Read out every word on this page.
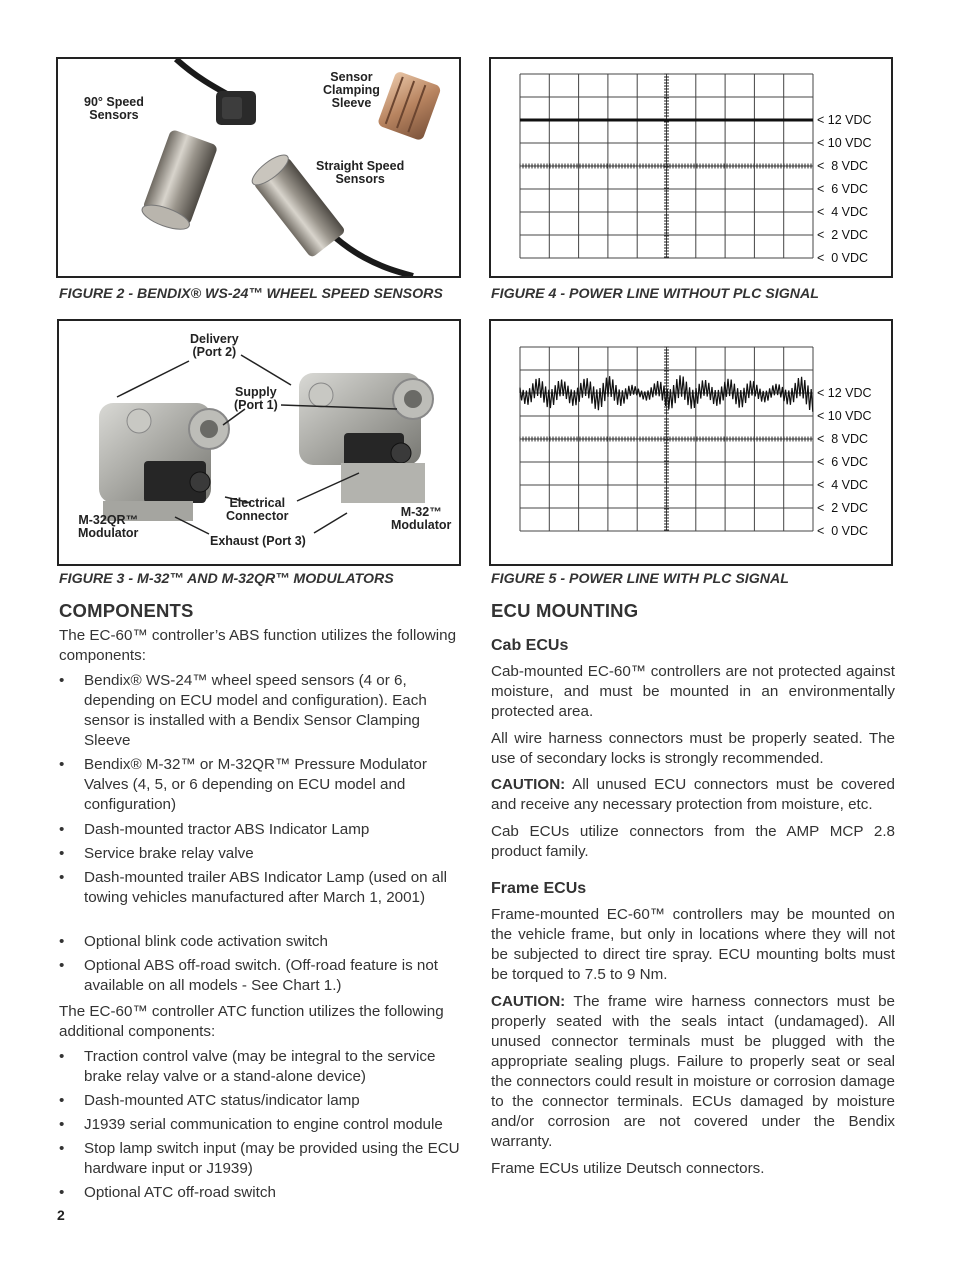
90° Speed
Sensors
Sensor
Clamping
Sleeve
Straight Speed
Sensors
FIGURE 2 - BENDIX® WS-24™ WHEEL SPEED SENSORS
< 12 VDC
< 10 VDC
<  8 VDC
<  6 VDC
<  4 VDC
<  2 VDC
<  0 VDC
FIGURE 4 - POWER LINE WITHOUT PLC SIGNAL
Delivery
(Port 2)
Supply
(Port 1)
Electrical
Connector
M-32QR™
Modulator
M-32™
Modulator
Exhaust (Port 3)
FIGURE 3 - M-32™ AND M-32QR™ MODULATORS
< 12 VDC
< 10 VDC
<  8 VDC
<  6 VDC
<  4 VDC
<  2 VDC
<  0 VDC
FIGURE 5 - POWER LINE WITH PLC SIGNAL
COMPONENTS
The EC-60™ controller’s ABS function utilizes the following components:
• Bendix® WS-24™ wheel speed sensors (4 or 6, depending on ECU model and configuration). Each sensor is installed with a Bendix Sensor Clamping Sleeve
• Bendix® M-32™ or M-32QR™ Pressure Modulator Valves (4, 5, or 6 depending on ECU model and configuration)
• Dash-mounted tractor ABS Indicator Lamp
• Service brake relay valve
• Dash-mounted trailer ABS Indicator Lamp (used on all towing vehicles manufactured after March 1, 2001)
• Optional blink code activation switch
• Optional ABS off-road switch. (Off-road feature is not available on all models - See Chart 1.)
The EC-60™ controller ATC function utilizes the following additional components:
• Traction control valve (may be integral to the service brake relay valve or a stand-alone device)
• Dash-mounted ATC status/indicator lamp
• J1939 serial communication to engine control module
• Stop lamp switch input (may be provided using the ECU hardware input or J1939)
• Optional ATC off-road switch
2
ECU MOUNTING
Cab ECUs
Cab-mounted EC-60™ controllers are not protected against moisture, and must be mounted in an environmentally protected area.
All wire harness connectors must be properly seated. The use of secondary locks is strongly recommended.
CAUTION: All unused ECU connectors must be covered and receive any necessary protection from moisture, etc.
Cab ECUs utilize connectors from the AMP MCP 2.8 product family.
Frame ECUs
Frame-mounted EC-60™ controllers may be mounted on the vehicle frame, but only in locations where they will not be subjected to direct tire spray. ECU mounting bolts must be torqued to 7.5 to 9 Nm.
CAUTION: The frame wire harness connectors must be properly seated with the seals intact (undamaged). All unused connector terminals must be plugged with the appropriate sealing plugs. Failure to properly seat or seal the connectors could result in moisture or corrosion damage to the connector terminals. ECUs damaged by moisture and/or corrosion are not covered under the Bendix warranty.
Frame ECUs utilize Deutsch connectors.
